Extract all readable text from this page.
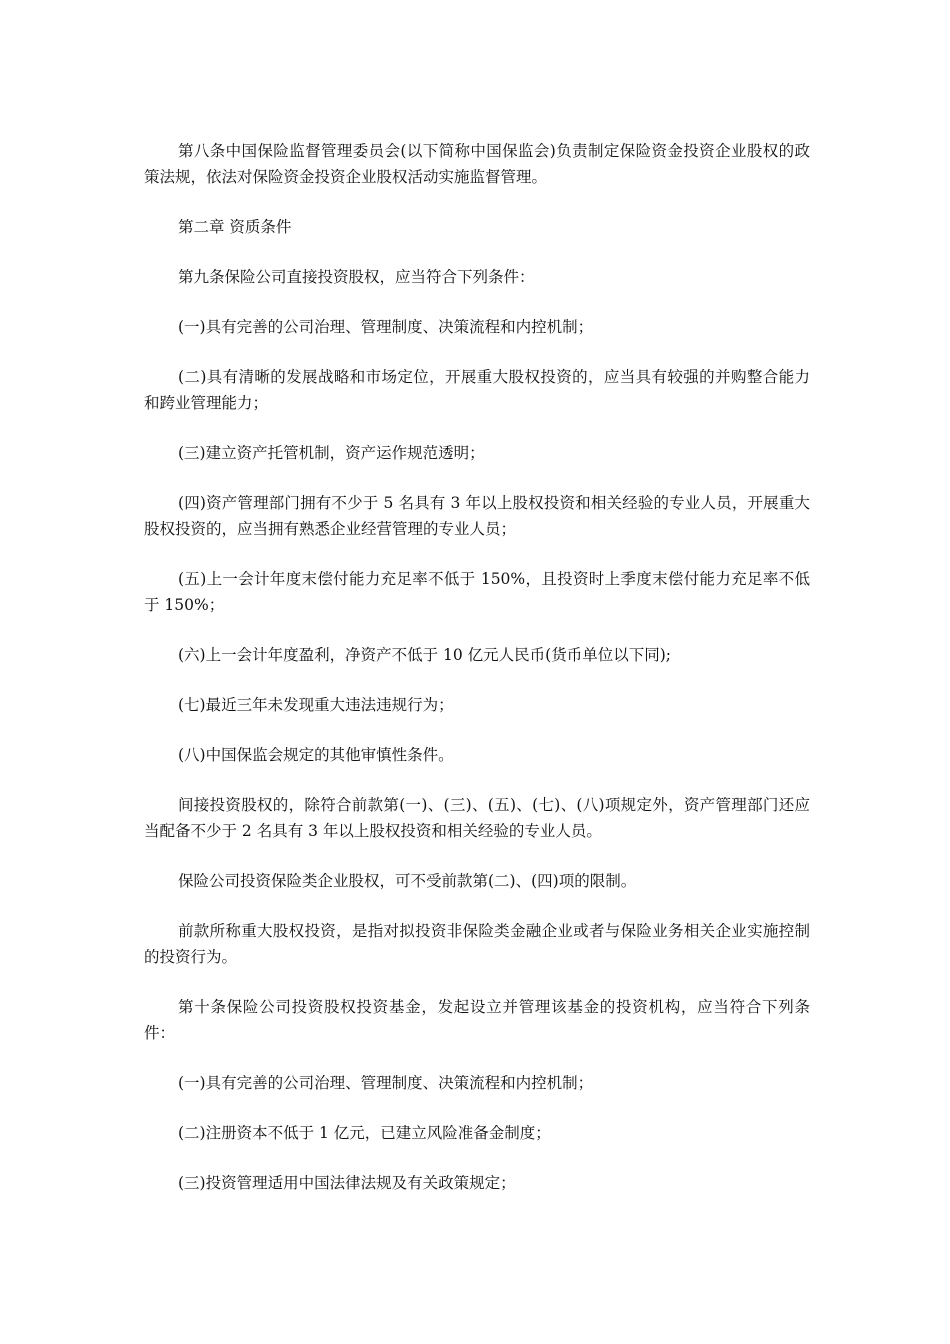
第八条中国保险监督管理委员会(以下简称中国保监会)负责制定保险资金投资企业股权的政策法规，依法对保险资金投资企业股权活动实施监督管理。

第二章 资质条件

第九条保险公司直接投资股权，应当符合下列条件：

(一)具有完善的公司治理、管理制度、决策流程和内控机制；

(二)具有清晰的发展战略和市场定位，开展重大股权投资的，应当具有较强的并购整合能力和跨业管理能力；

(三)建立资产托管机制，资产运作规范透明；

(四)资产管理部门拥有不少于 5 名具有 3 年以上股权投资和相关经验的专业人员，开展重大股权投资的，应当拥有熟悉企业经营管理的专业人员；

(五)上一会计年度末偿付能力充足率不低于 150%，且投资时上季度末偿付能力充足率不低于 150%；

(六)上一会计年度盈利，净资产不低于 10 亿元人民币(货币单位以下同);

(七)最近三年未发现重大违法违规行为；

(八)中国保监会规定的其他审慎性条件。

间接投资股权的，除符合前款第(一)、(三)、(五)、(七)、(八)项规定外，资产管理部门还应当配备不少于 2 名具有 3 年以上股权投资和相关经验的专业人员。

保险公司投资保险类企业股权，可不受前款第(二)、(四)项的限制。

前款所称重大股权投资，是指对拟投资非保险类金融企业或者与保险业务相关企业实施控制的投资行为。

第十条保险公司投资股权投资基金，发起设立并管理该基金的投资机构，应当符合下列条件：

(一)具有完善的公司治理、管理制度、决策流程和内控机制；

(二)注册资本不低于 1 亿元，已建立风险准备金制度；

(三)投资管理适用中国法律法规及有关政策规定；
